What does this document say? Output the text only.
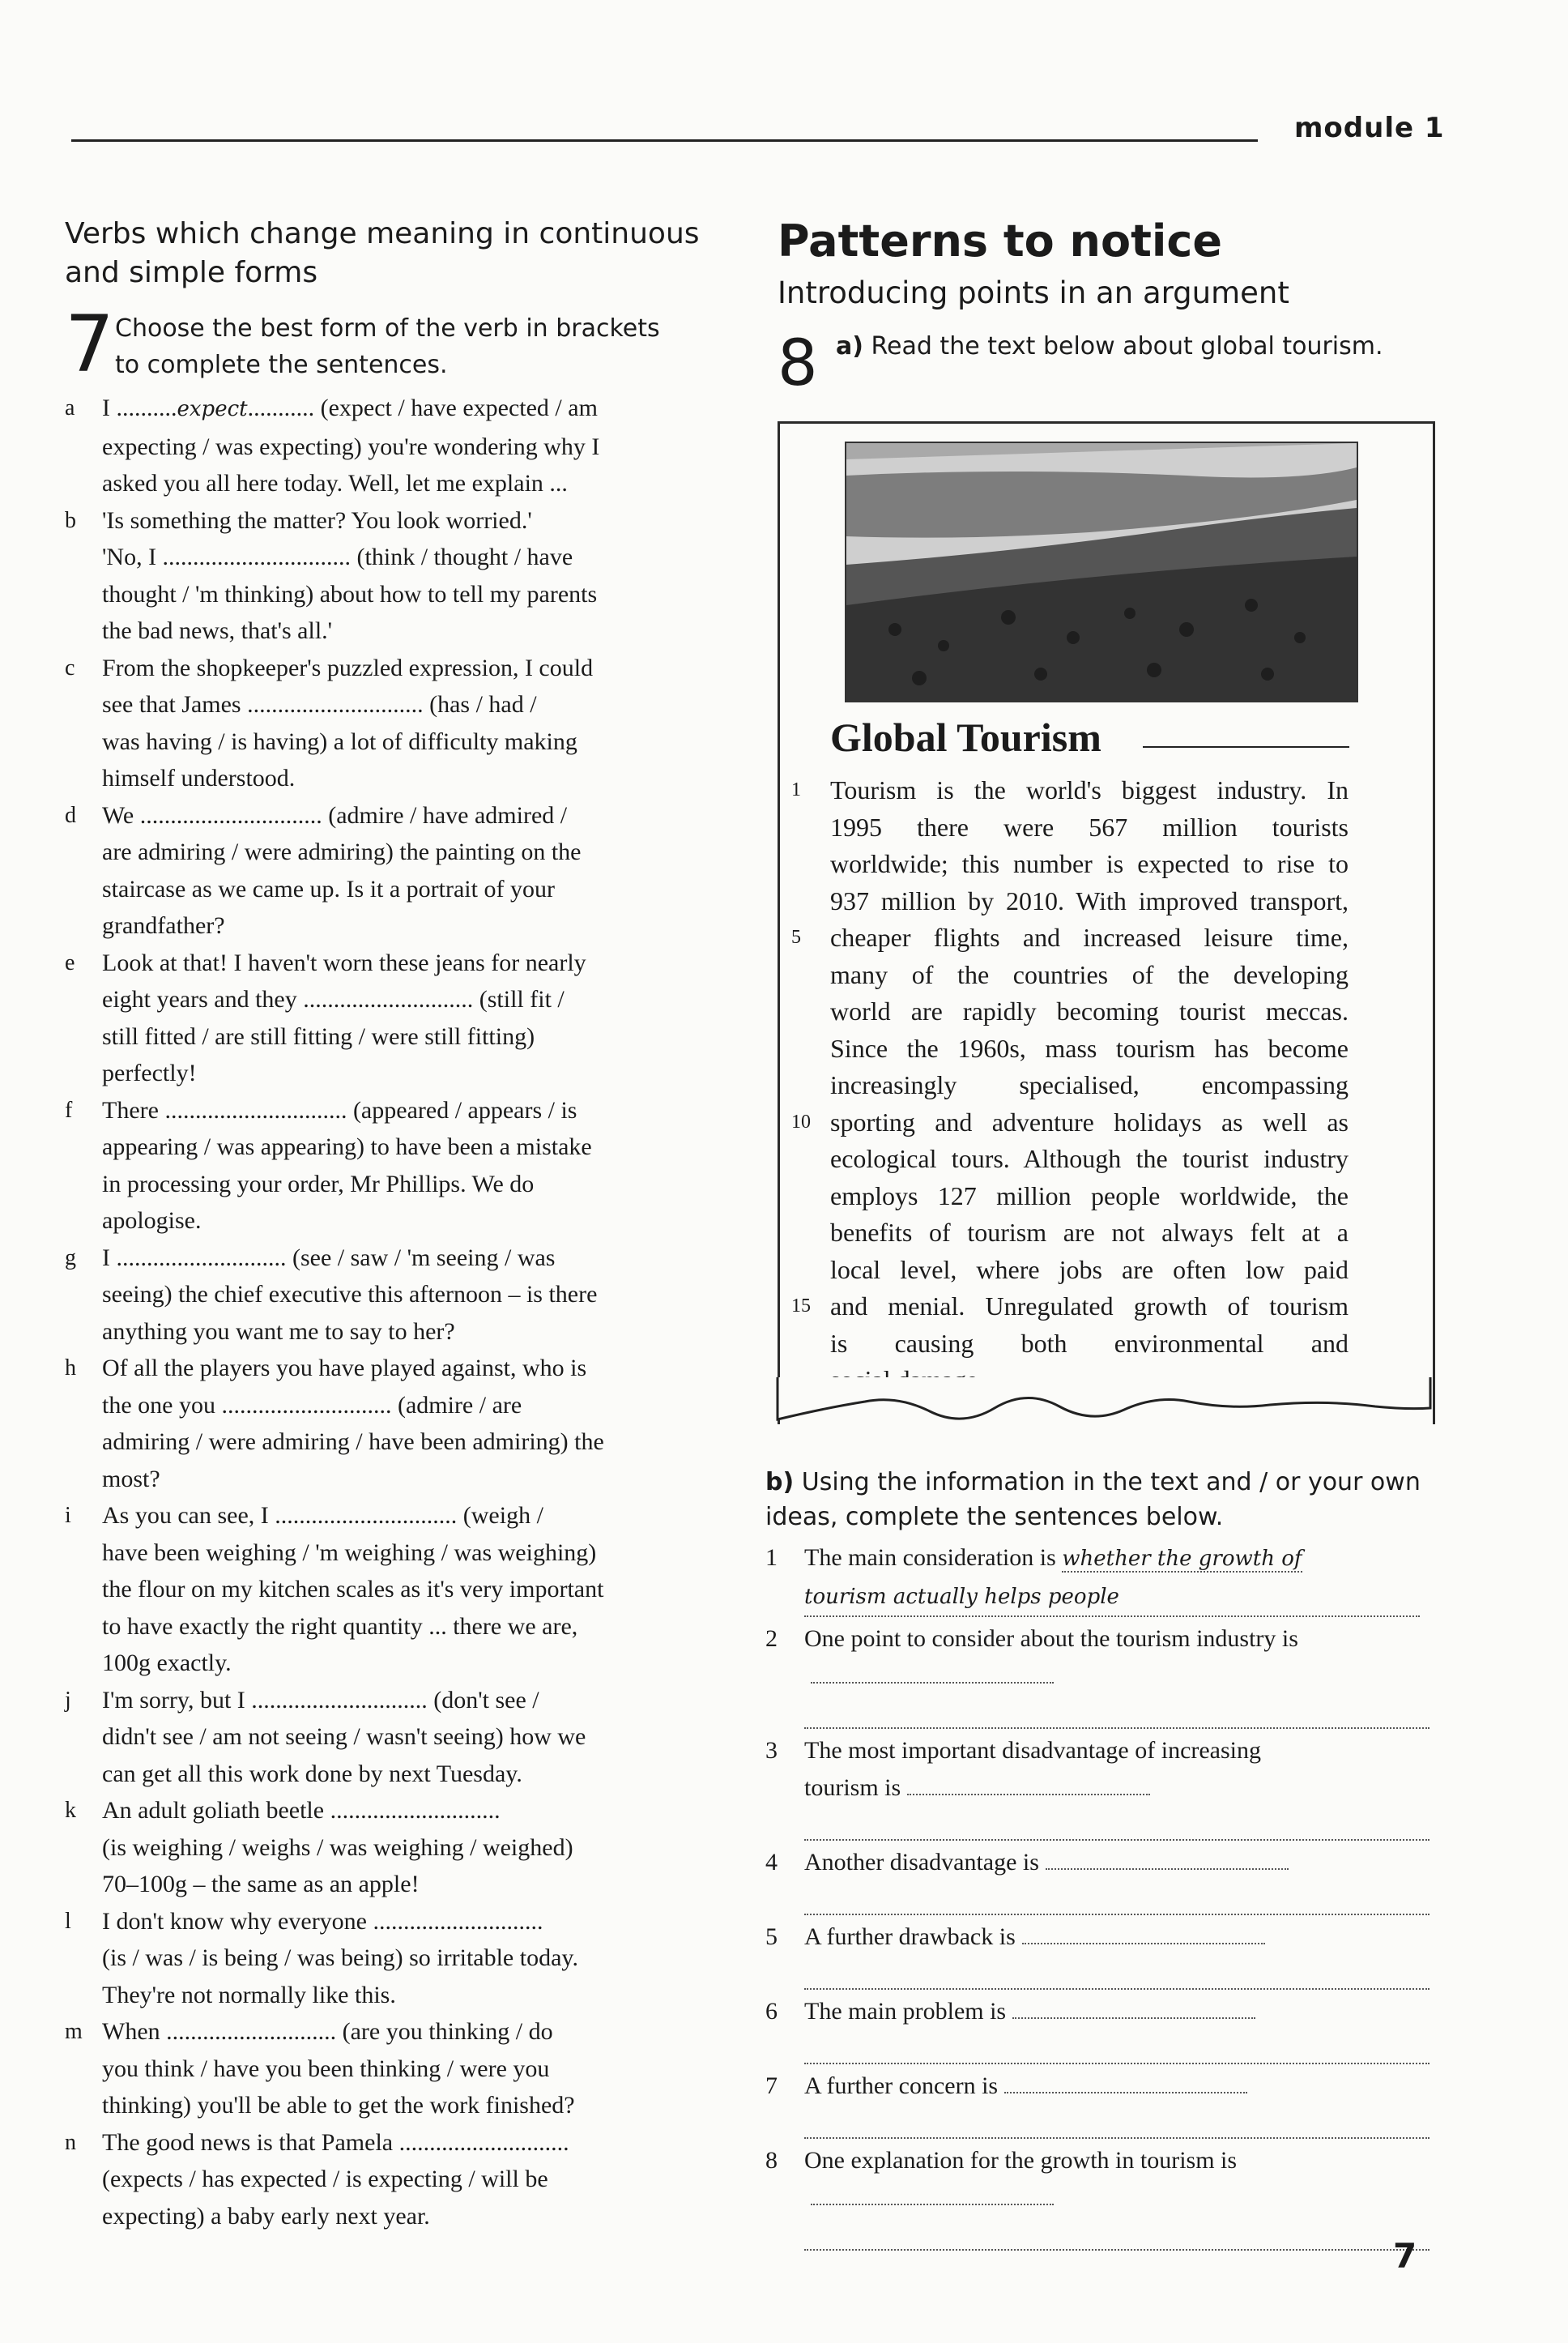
module 1
Verbs which change meaning in continuous
and simple forms
7 Choose the best form of the verb in brackets
to complete the sentences.
a I ..........expect........... (expect / have expected / am
expecting / was expecting) you're wondering why I
asked you all here today. Well, let me explain ...

b 'Is something the matter? You look worried.'
'No, I ............................... (think / thought / have
thought / 'm thinking) about how to tell my parents
the bad news, that's all.'

c From the shopkeeper's puzzled expression, I could
see that James ............................. (has / had /
was having / is having) a lot of difficulty making
himself understood.

d We .............................. (admire / have admired /
are admiring / were admiring) the painting on the
staircase as we came up. Is it a portrait of your
grandfather?

e Look at that! I haven't worn these jeans for nearly
eight years and they ............................ (still fit /
still fitted / are still fitting / were still fitting)
perfectly!

f There .............................. (appeared / appears / is
appearing / was appearing) to have been a mistake
in processing your order, Mr Phillips. We do
apologise.

g I ............................ (see / saw / 'm seeing / was
seeing) the chief executive this afternoon – is there
anything you want me to say to her?

h Of all the players you have played against, who is
the one you ............................ (admire / are
admiring / were admiring / have been admiring) the
most?

i As you can see, I .............................. (weigh /
have been weighing / 'm weighing / was weighing)
the flour on my kitchen scales as it's very important
to have exactly the right quantity ... there we are,
100g exactly.

j I'm sorry, but I ............................. (don't see /
didn't see / am not seeing / wasn't seeing) how we
can get all this work done by next Tuesday.

k An adult goliath beetle ............................
(is weighing / weighs / was weighing / weighed)
70–100g – the same as an apple!

l I don't know why everyone ............................
(is / was / is being / was being) so irritable today.
They're not normally like this.

m When ............................ (are you thinking / do
you think / have you been thinking / were you
thinking) you'll be able to get the work finished?

n The good news is that Pamela ............................
(expects / has expected / is expecting / will be
expecting) a baby early next year.

Patterns to notice
Introducing points in an argument
8 a) Read the text below about global tourism.
Global Tourism
1 Tourism is the world's biggest industry. In
1995 there were 567 million tourists
worldwide; this number is expected to rise to
937 million by 2010. With improved transport,
5 cheaper flights and increased leisure time,
many of the countries of the developing
world are rapidly becoming tourist meccas.
Since the 1960s, mass tourism has become
increasingly specialised, encompassing
10 sporting and adventure holidays as well as
ecological tours. Although the tourist industry
employs 127 million people worldwide, the
benefits of tourism are not always felt at a
local level, where jobs are often low paid
15 and menial. Unregulated growth of tourism
is causing both environmental and
b) Using the information in the text and / or your own
ideas, complete the sentences below.
1 The main consideration is whether the growth of
tourism actually helps people
2 One point to consider about the tourism industry is
3 The most important disadvantage of increasing
tourism is
4 Another disadvantage is
5 A further drawback is
6 The main problem is
7 A further concern is
8 One explanation for the growth in tourism is
7
